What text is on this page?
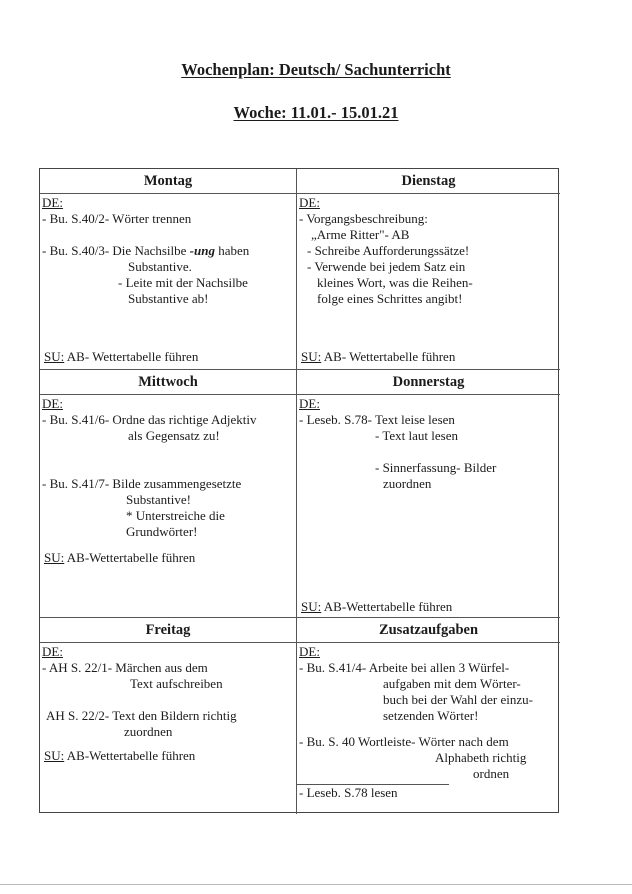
Wochenplan: Deutsch/ Sachunterricht
Woche: 11.01.- 15.01.21
Montag
DE:
- Bu. S.40/2- Wörter trennen
- Bu. S.40/3- Die Nachsilbe -ung haben
Substantive.
- Leite mit der Nachsilbe
Substantive ab!
SU: AB- Wettertabelle führen
Dienstag
DE:
- Vorgangsbeschreibung:
„Arme Ritter"- AB
- Schreibe Aufforderungssätze!
- Verwende bei jedem Satz ein
kleines Wort, was die Reihen-
folge eines Schrittes angibt!
SU: AB- Wettertabelle führen
Mittwoch
DE:
- Bu. S.41/6- Ordne das richtige Adjektiv
als Gegensatz zu!
- Bu. S.41/7- Bilde zusammengesetzte
Substantive!
* Unterstreiche die
Grundwörter!
SU: AB-Wettertabelle führen
Donnerstag
DE:
- Leseb. S.78- Text leise lesen
- Text laut lesen
- Sinnerfassung- Bilder
zuordnen
SU: AB-Wettertabelle führen
Freitag
DE:
- AH S. 22/1- Märchen aus dem
Text aufschreiben
AH S. 22/2- Text den Bildern richtig
zuordnen
SU: AB-Wettertabelle führen
Zusatzaufgaben
DE:
- Bu. S.41/4- Arbeite bei allen 3 Würfel-
aufgaben mit dem Wörter-
buch bei der Wahl der einzu-
setzenden Wörter!
- Bu. S. 40 Wortleiste- Wörter nach dem
Alphabeth richtig
ordnen
- Leseb. S.78 lesen
